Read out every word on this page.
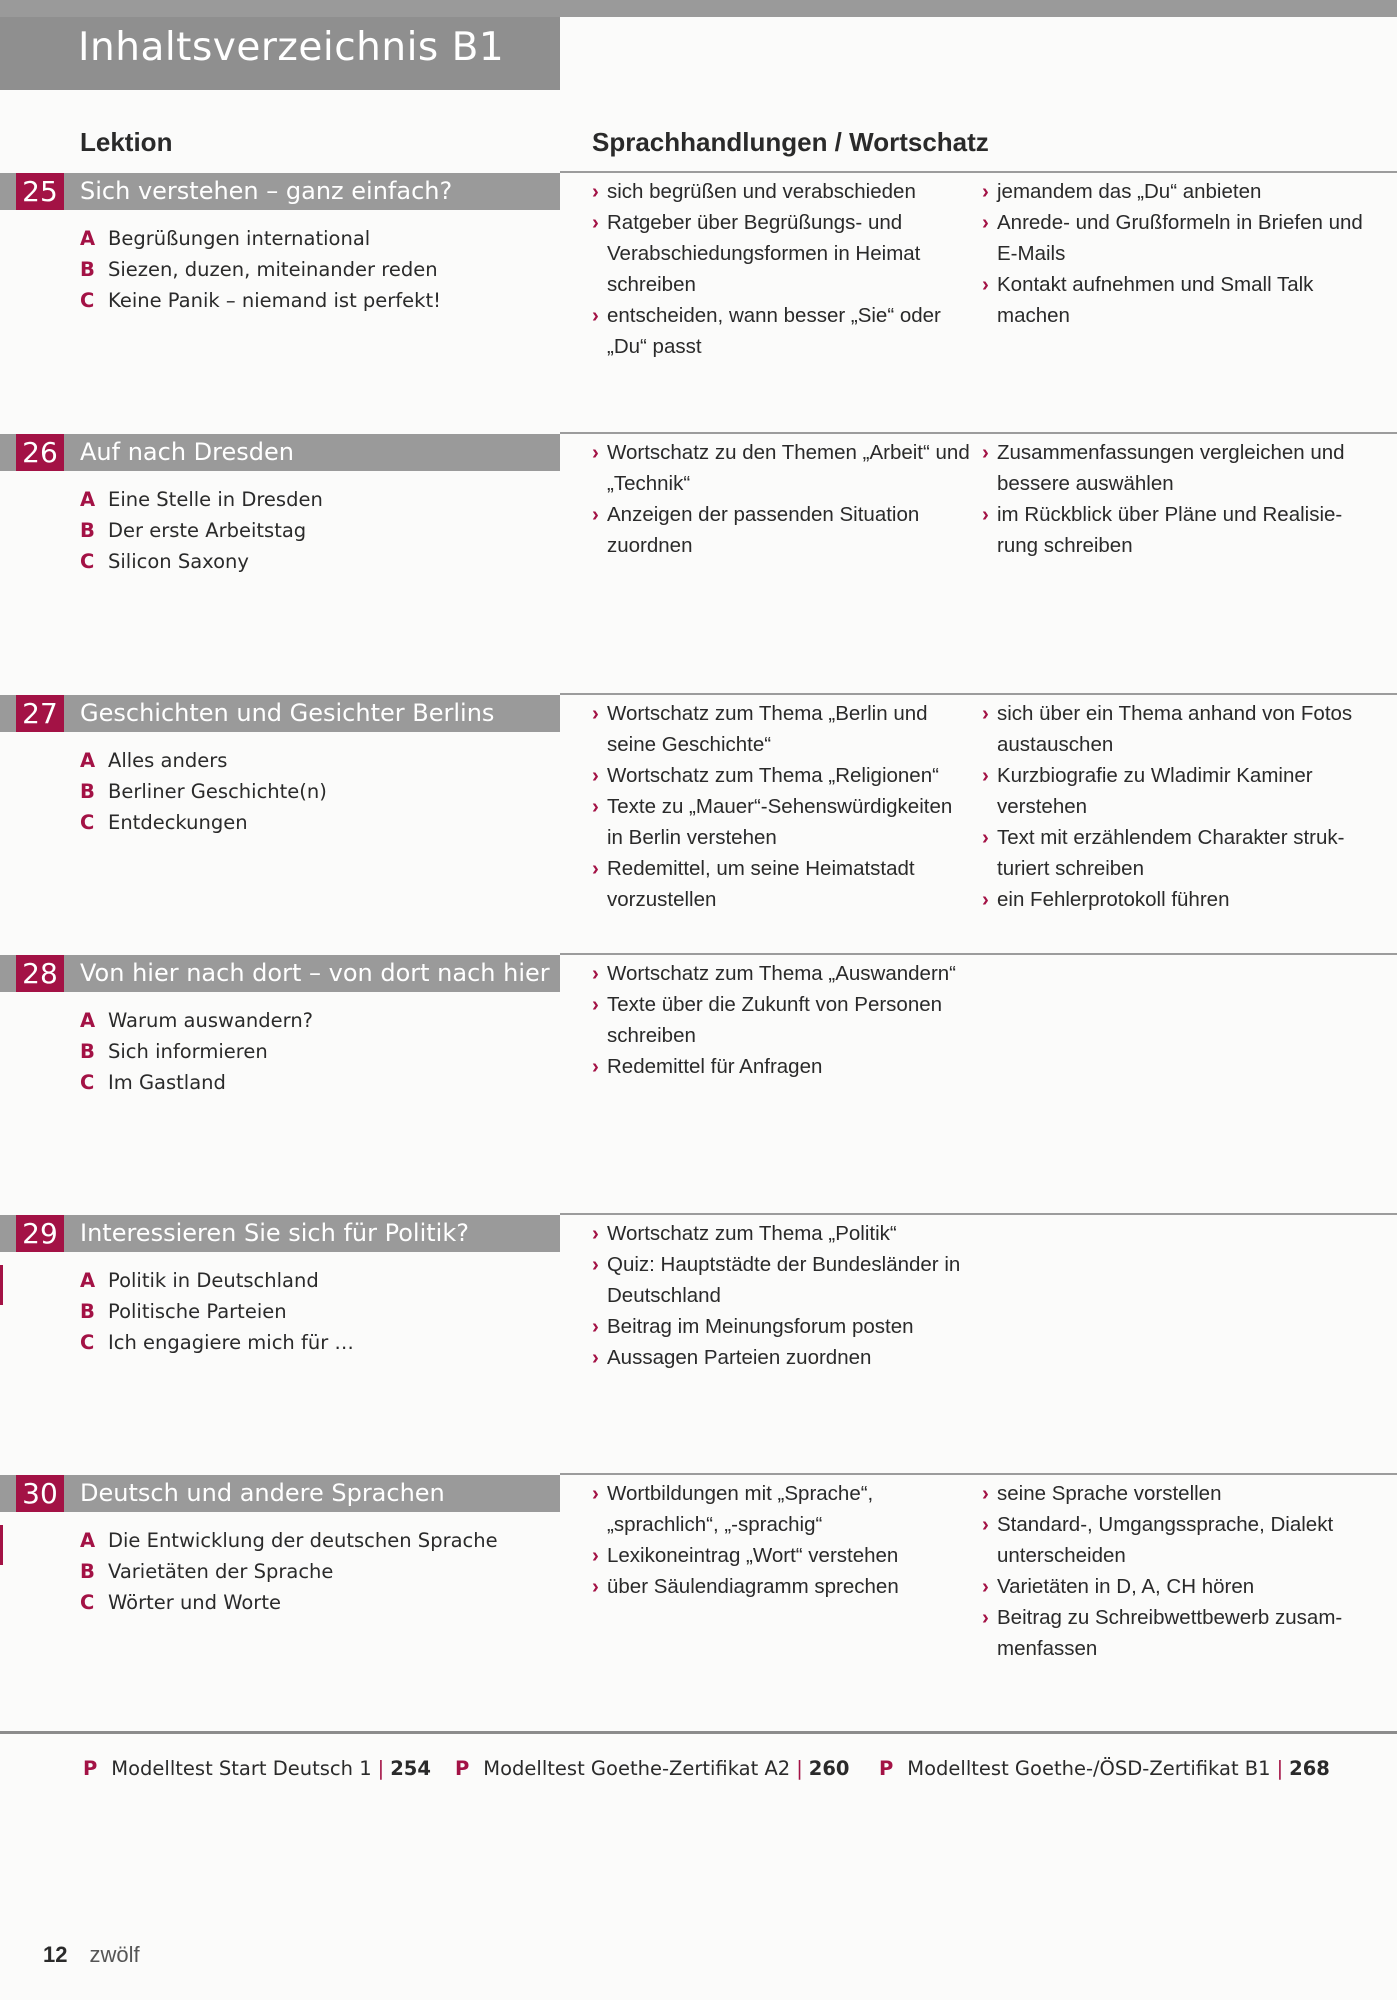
Inhaltsverzeichnis B1
Lektion	Sprachhandlungen / Wortschatz
25 Sich verstehen – ganz einfach?
A Begrüßungen international
B Siezen, duzen, miteinander reden
C Keine Panik – niemand ist perfekt!
› sich begrüßen und verabschieden
› Ratgeber über Begrüßungs- und Verabschiedungsformen in Heimat schreiben
› entscheiden, wann besser „Sie“ oder „Du“ passt
› jemandem das „Du“ anbieten
› Anrede- und Grußformeln in Briefen und E-Mails
› Kontakt aufnehmen und Small Talk machen
26 Auf nach Dresden
A Eine Stelle in Dresden
B Der erste Arbeitstag
C Silicon Saxony
› Wortschatz zu den Themen „Arbeit“ und „Technik“
› Anzeigen der passenden Situation zuordnen
› Zusammenfassungen vergleichen und bessere auswählen
› im Rückblick über Pläne und Realisie-rung schreiben
27 Geschichten und Gesichter Berlins
A Alles anders
B Berliner Geschichte(n)
C Entdeckungen
› Wortschatz zum Thema „Berlin und seine Geschichte“
› Wortschatz zum Thema „Religionen“
› Texte zu „Mauer“-Sehenswürdigkeiten in Berlin verstehen
› Redemittel, um seine Heimatstadt vorzustellen
› sich über ein Thema anhand von Fotos austauschen
› Kurzbiografie zu Wladimir Kaminer verstehen
› Text mit erzählendem Charakter struk-turiert schreiben
› ein Fehlerprotokoll führen
28 Von hier nach dort – von dort nach hier
A Warum auswandern?
B Sich informieren
C Im Gastland
› Wortschatz zum Thema „Auswandern“
› Texte über die Zukunft von Personen schreiben
› Redemittel für Anfragen
29 Interessieren Sie sich für Politik?
A Politik in Deutschland
B Politische Parteien
C Ich engagiere mich für …
› Wortschatz zum Thema „Politik“
› Quiz: Hauptstädte der Bundesländer in Deutschland
› Beitrag im Meinungsforum posten
› Aussagen Parteien zuordnen
30 Deutsch und andere Sprachen
A Die Entwicklung der deutschen Sprache
B Varietäten der Sprache
C Wörter und Worte
› Wortbildungen mit „Sprache“, „sprachlich“, „-sprachig“
› Lexikoneintrag „Wort“ verstehen
› über Säulendiagramm sprechen
› seine Sprache vorstellen
› Standard-, Umgangssprache, Dialekt unterscheiden
› Varietäten in D, A, CH hören
› Beitrag zu Schreibwettbewerb zusam-menfassen
P Modelltest Start Deutsch 1 | 254 P Modelltest Goethe-Zertifikat A2 | 260 P Modelltest Goethe-/ÖSD-Zertifikat B1 | 268
12 zwölf
